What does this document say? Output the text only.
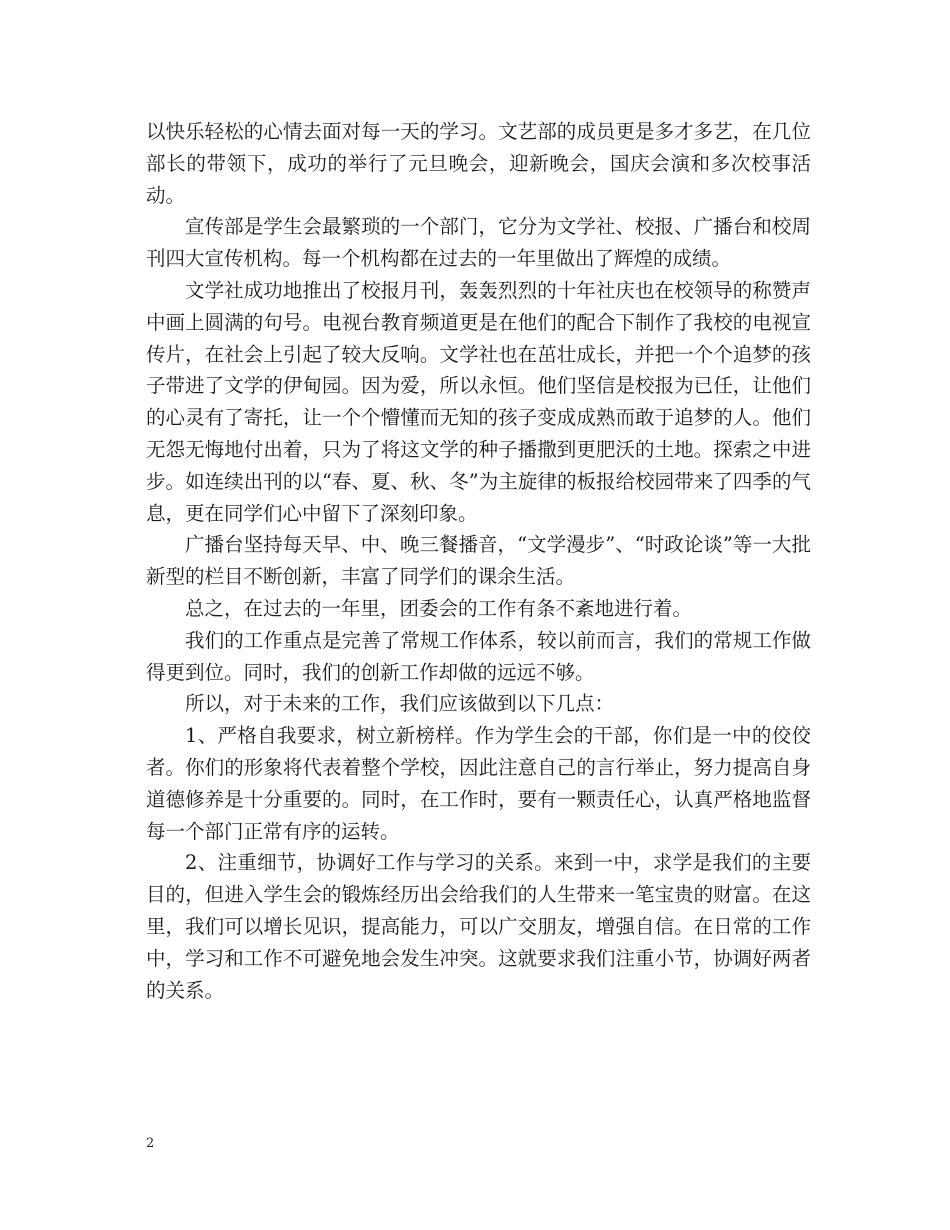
以快乐轻松的心情去面对每一天的学习。文艺部的成员更是多才多艺，在几位部长的带领下，成功的举行了元旦晚会，迎新晚会，国庆会演和多次校事活动。

宣传部是学生会最繁琐的一个部门，它分为文学社、校报、广播台和校周刊四大宣传机构。每一个机构都在过去的一年里做出了辉煌的成绩。

文学社成功地推出了校报月刊，轰轰烈烈的十年社庆也在校领导的称赞声中画上圆满的句号。电视台教育频道更是在他们的配合下制作了我校的电视宣传片，在社会上引起了较大反响。文学社也在茁壮成长，并把一个个追梦的孩子带进了文学的伊甸园。因为爱，所以永恒。他们坚信是校报为已任，让他们的心灵有了寄托，让一个个懵懂而无知的孩子变成成熟而敢于追梦的人。他们无怨无悔地付出着，只为了将这文学的种子播撒到更肥沃的土地。探索之中进步。如连续出刊的以“春、夏、秋、冬”为主旋律的板报给校园带来了四季的气息，更在同学们心中留下了深刻印象。

广播台坚持每天早、中、晚三餐播音，“文学漫步”、“时政论谈”等一大批新型的栏目不断创新，丰富了同学们的课余生活。

总之，在过去的一年里，团委会的工作有条不紊地进行着。

我们的工作重点是完善了常规工作体系，较以前而言，我们的常规工作做得更到位。同时，我们的创新工作却做的远远不够。

所以，对于未来的工作，我们应该做到以下几点：

1、严格自我要求，树立新榜样。作为学生会的干部，你们是一中的佼佼者。你们的形象将代表着整个学校，因此注意自己的言行举止，努力提高自身道德修养是十分重要的。同时，在工作时，要有一颗责任心，认真严格地监督每一个部门正常有序的运转。

2、注重细节，协调好工作与学习的关系。来到一中，求学是我们的主要目的，但进入学生会的锻炼经历出会给我们的人生带来一笔宝贵的财富。在这里，我们可以增长见识，提高能力，可以广交朋友，增强自信。在日常的工作中，学习和工作不可避免地会发生冲突。这就要求我们注重小节，协调好两者的关系。

2
